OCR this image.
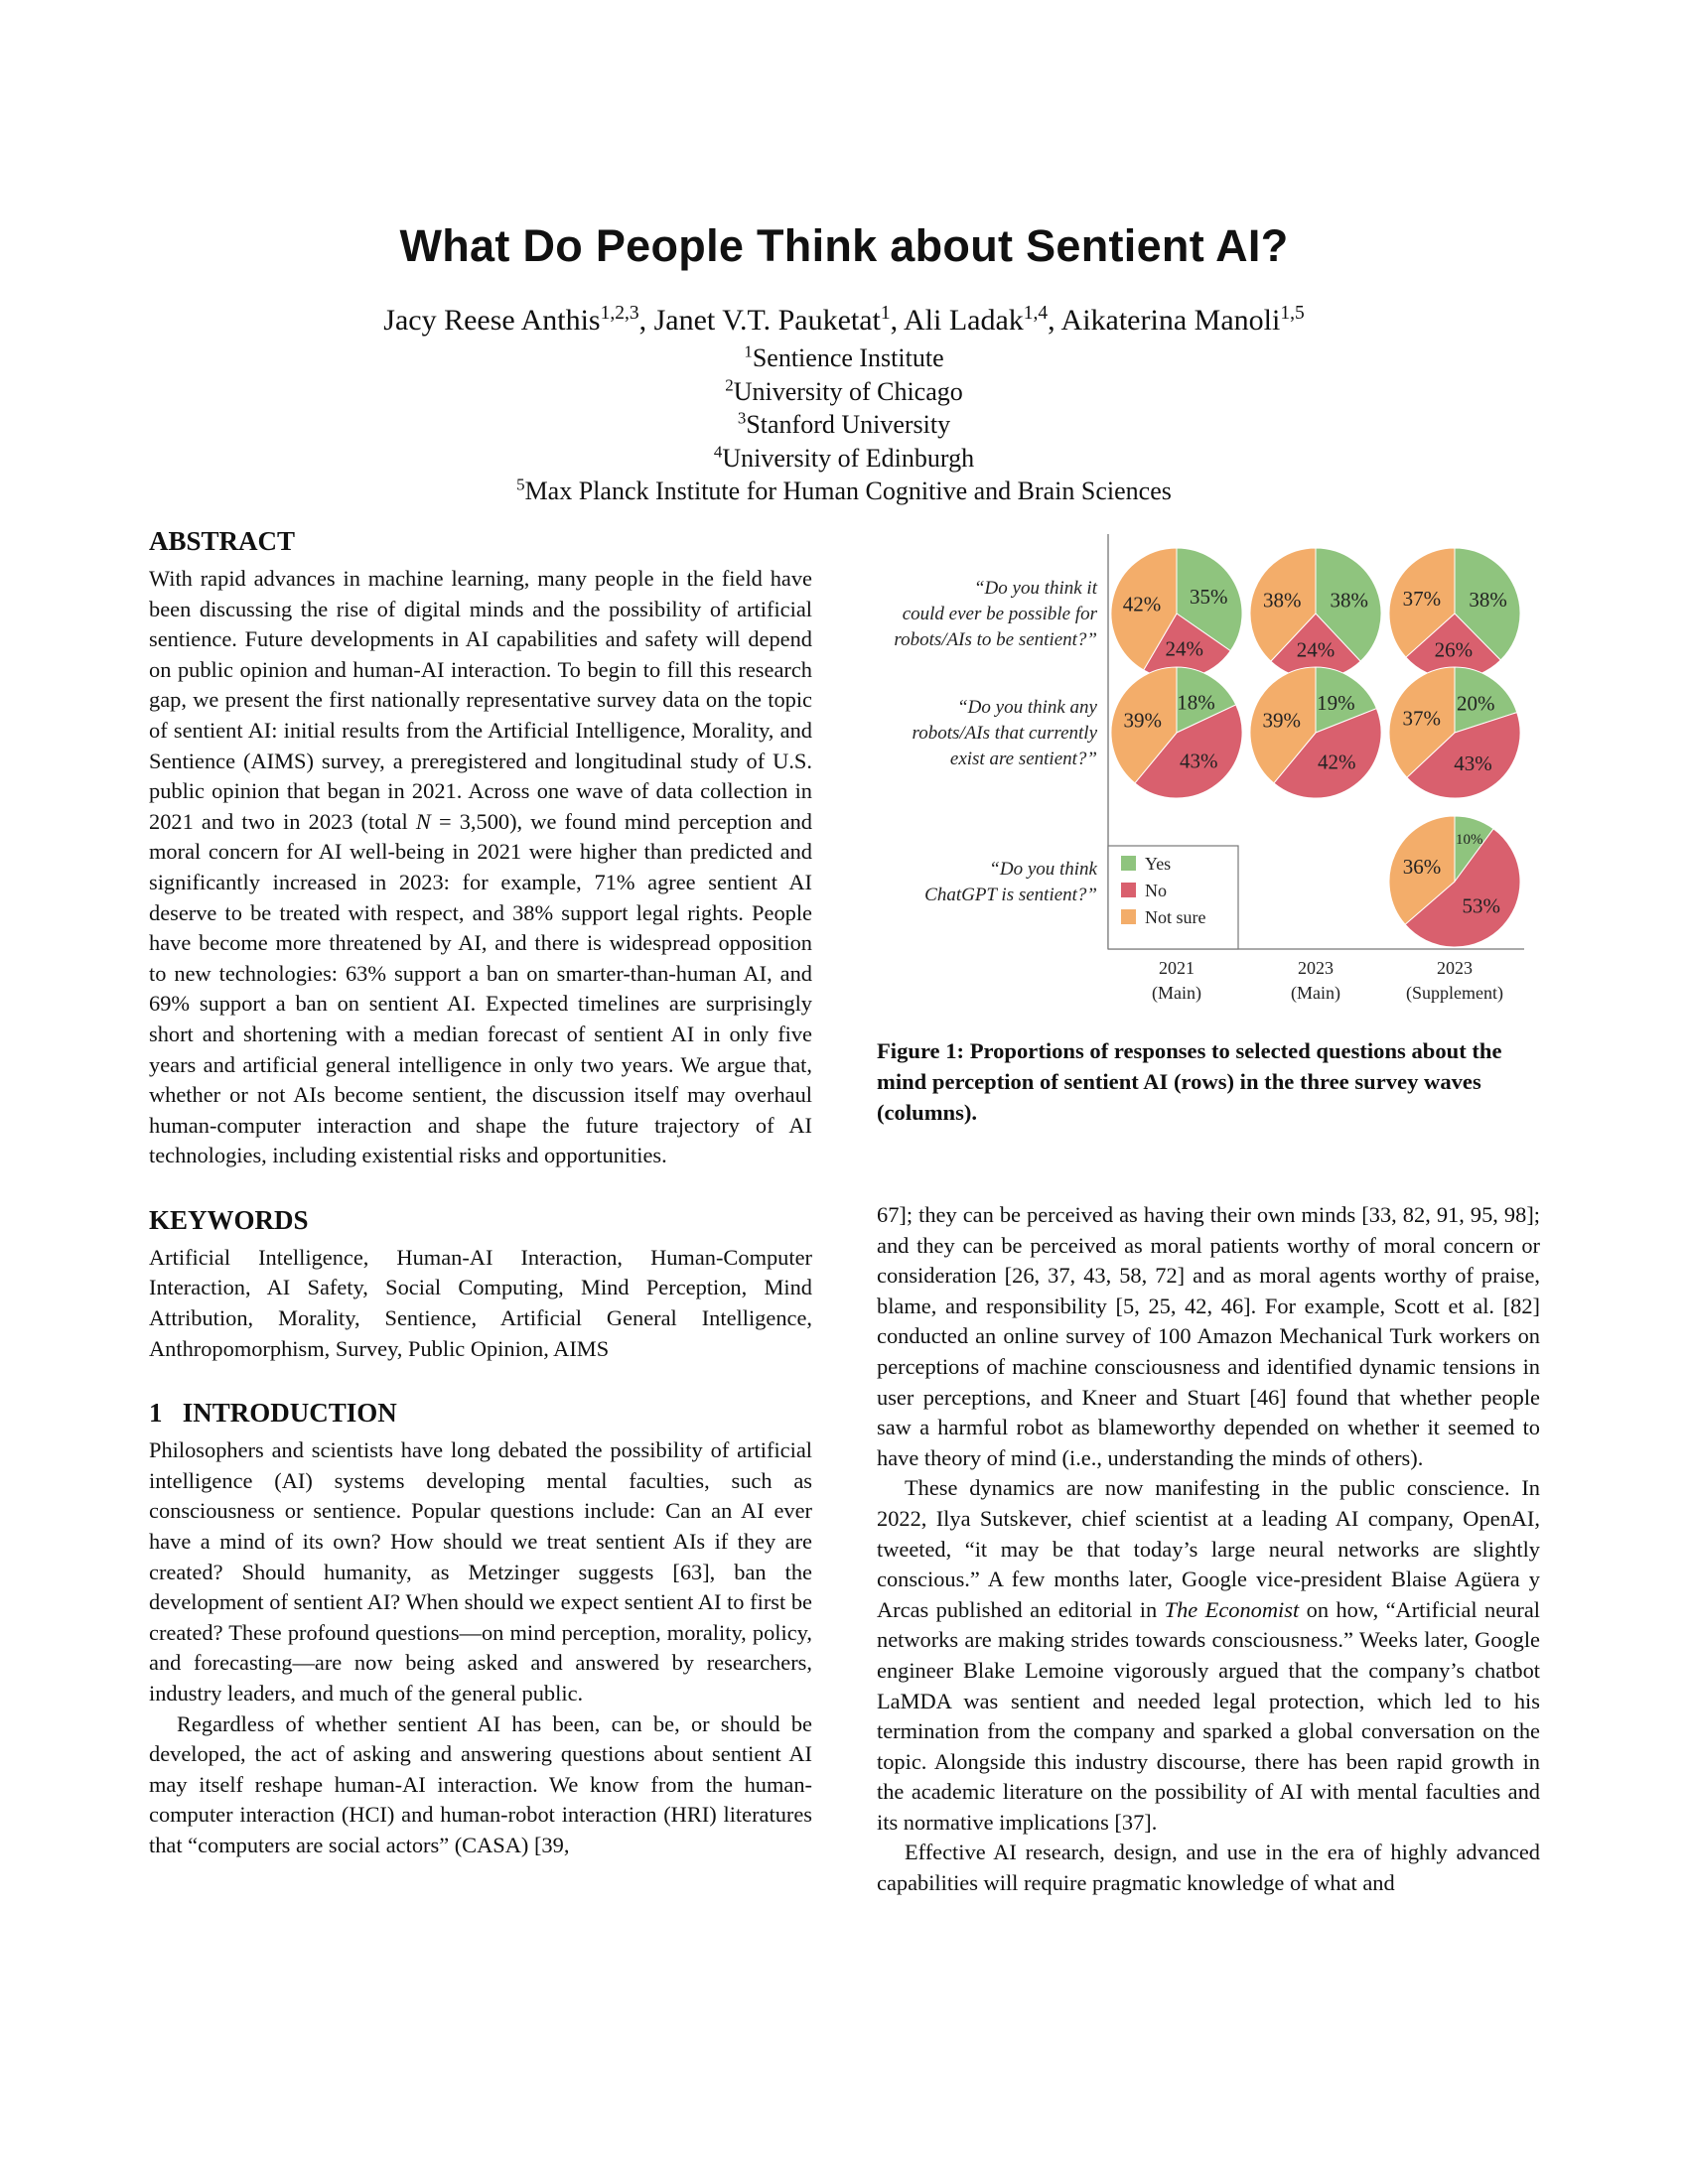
What Do People Think about Sentient AI?
Jacy Reese Anthis$^{1,2,3}$, Janet V.T. Pauketat$^1$, Ali Ladak$^{1,4}$, Aikaterina Manoli$^{1,5}$
$^1$Sentience Institute
$^2$University of Chicago
$^3$Stanford University
$^4$University of Edinburgh
$^5$Max Planck Institute for Human Cognitive and Brain Sciences
ABSTRACT

With rapid advances in machine learning, many people in the field have been discussing the rise of digital minds and the possibility of artificial sentience. Future developments in AI capabilities and safety will depend on public opinion and human-AI interaction. To begin to fill this research gap, we present the first nationally representative survey data on the topic of sentient AI: initial results from the Artificial Intelligence, Morality, and Sentience (AIMS) survey, a preregistered and longitudinal study of U.S. public opinion that began in 2021. Across one wave of data collection in 2021 and two in 2023 (total N = 3,500), we found mind perception and moral concern for AI well-being in 2021 were higher than predicted and significantly increased in 2023: for example, 71% agree sentient AI deserve to be treated with respect, and 38% support legal rights. People have become more threatened by AI, and there is widespread opposition to new technologies: 63% support a ban on smarter-than-human AI, and 69% support a ban on sentient AI. Expected timelines are surprisingly short and shortening with a median forecast of sentient AI in only five years and artificial general intelligence in only two years. We argue that, whether or not AIs become sentient, the discussion itself may overhaul human-computer interaction and shape the future trajectory of AI technologies, including existential risks and opportunities.

KEYWORDS

Artificial Intelligence, Human-AI Interaction, Human-Computer Interaction, AI Safety, Social Computing, Mind Perception, Mind Attribution, Morality, Sentience, Artificial General Intelligence, Anthropomorphism, Survey, Public Opinion, AIMS

1   INTRODUCTION

Philosophers and scientists have long debated the possibility of artificial intelligence (AI) systems developing mental faculties, such as consciousness or sentience. Popular questions include: Can an AI ever have a mind of its own? How should we treat sentient AIs if they are created? Should humanity, as Metzinger suggests [63], ban the development of sentient AI? When should we expect sentient AI to first be created? These profound questions—on mind perception, morality, policy, and forecasting—are now being asked and answered by researchers, industry leaders, and much of the general public.

Regardless of whether sentient AI has been, can be, or should be developed, the act of asking and answering questions about sentient AI may itself reshape human-AI interaction. We know from the human-computer interaction (HCI) and human-robot interaction (HRI) literatures that “computers are social actors” (CASA) [39,

“Do you think it
could ever be possible for
robots/AIs to be sentient?”
“Do you think any
robots/AIs that currently
exist are sentient?”
“Do you think
ChatGPT is sentient?”
2021
(Main)
2023
(Main)
2023
(Supplement)
35%
24%
42%	38%
24%
38%	38%
26%
37%
18%
43%
39%
19%
42%
39%
20%
43%
37%
10%
53%
36%
Yes
No
Not sure
Figure 1: Proportions of responses to selected questions about the mind perception of sentient AI (rows) in the three survey waves (columns).

67]; they can be perceived as having their own minds [33, 82, 91, 95, 98]; and they can be perceived as moral patients worthy of moral concern or consideration [26, 37, 43, 58, 72] and as moral agents worthy of praise, blame, and responsibility [5, 25, 42, 46]. For example, Scott et al. [82] conducted an online survey of 100 Amazon Mechanical Turk workers on perceptions of machine consciousness and identified dynamic tensions in user perceptions, and Kneer and Stuart [46] found that whether people saw a harmful robot as blameworthy depended on whether it seemed to have theory of mind (i.e., understanding the minds of others).

These dynamics are now manifesting in the public conscience. In 2022, Ilya Sutskever, chief scientist at a leading AI company, OpenAI, tweeted, “it may be that today’s large neural networks are slightly conscious.” A few months later, Google vice-president Blaise Agüera y Arcas published an editorial in The Economist on how, “Artificial neural networks are making strides towards consciousness.” Weeks later, Google engineer Blake Lemoine vigorously argued that the company’s chatbot LaMDA was sentient and needed legal protection, which led to his termination from the company and sparked a global conversation on the topic. Alongside this industry discourse, there has been rapid growth in the academic literature on the possibility of AI with mental faculties and its normative implications [37].

Effective AI research, design, and use in the era of highly advanced capabilities will require pragmatic knowledge of what and
